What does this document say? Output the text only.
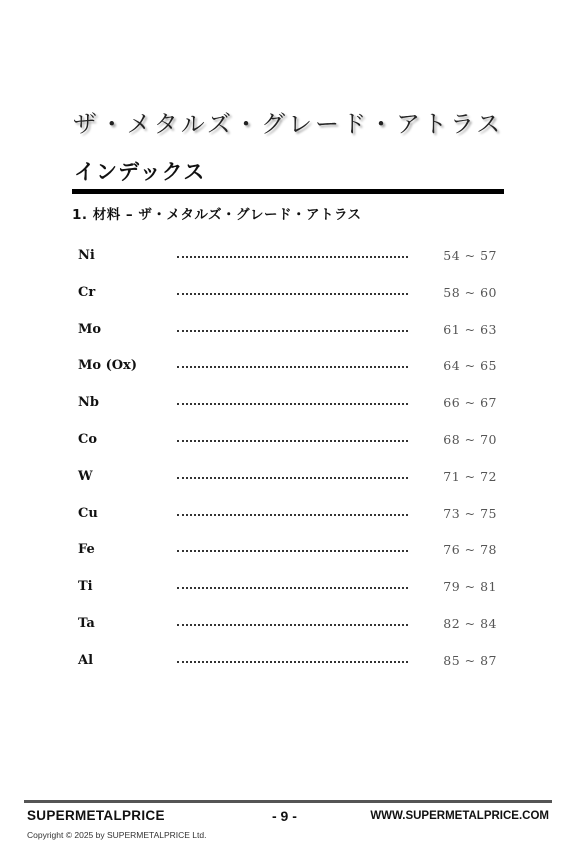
ザ・メタルズ・グレード・アトラス
インデックス
1. 材料 – ザ・メタルズ・グレード・アトラス
Ni	54 ~ 57
Cr	58 ~ 60
Mo	61 ~ 63
Mo (Ox)	64 ~ 65
Nb	66 ~ 67
Co	68 ~ 70
W	71 ~ 72
Cu	73 ~ 75
Fe	76 ~ 78
Ti	79 ~ 81
Ta	82 ~ 84
Al	85 ~ 87
SUPERMETALPRICE	- 9 -	WWW.SUPERMETALPRICE.COM
Copyright © 2025 by SUPERMETALPRICE Ltd.
